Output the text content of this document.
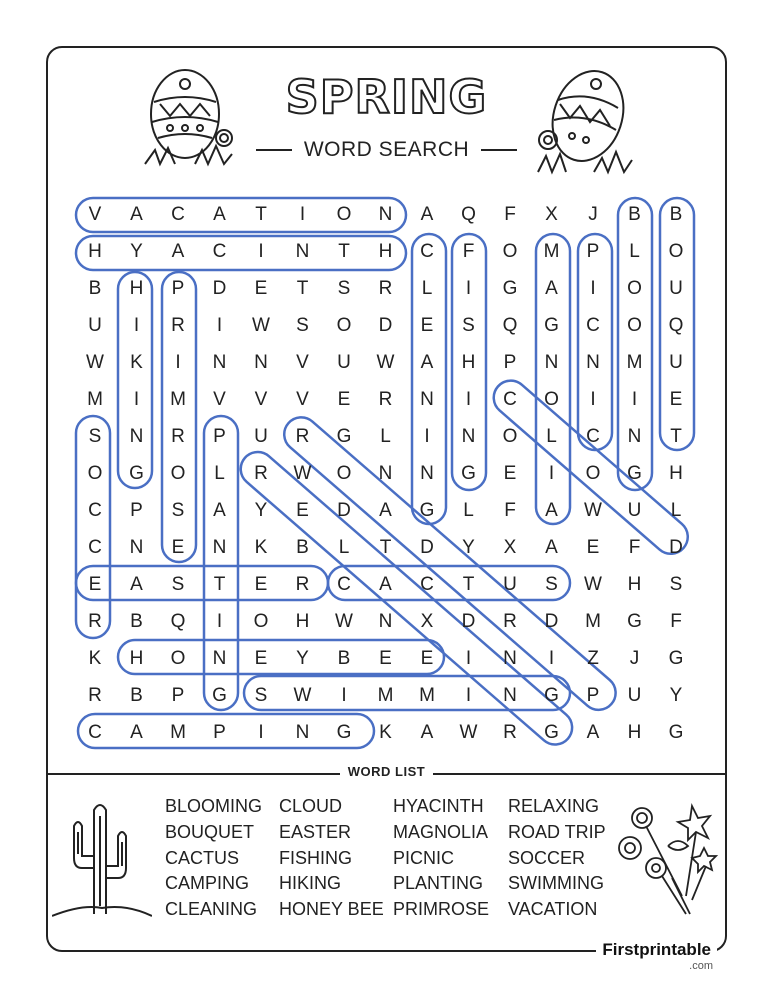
SPRING
WORD SEARCH
V	A	C	A	T	I	O	N	A	Q	F	X	J	B	B
H	Y	A	C	I	N	T	H	C	F	O	M	P	L	O
B	H	P	D	E	T	S	R	L	I	G	A	I	O	U
U	I	R	I	W	S	O	D	E	S	Q	G	C	O	Q
W	K	I	N	N	V	U	W	A	H	P	N	N	M	U
M	I	M	V	V	V	E	R	N	I	C	O	I	I	E
S	N	R	P	U	R	G	L	I	N	O	L	C	N	T
O	G	O	L	R	W	O	N	N	G	E	I	O	G	H
C	P	S	A	Y	E	D	A	G	L	F	A	W	U	L
C	N	E	N	K	B	L	T	D	Y	X	A	E	F	D
E	A	S	T	E	R	C	A	C	T	U	S	W	H	S
R	B	Q	I	O	H	W	N	X	D	R	D	M	G	F
K	H	O	N	E	Y	B	E	E	I	N	I	Z	J	G
R	B	P	G	S	W	I	M	M	I	N	G	P	U	Y
C	A	M	P	I	N	G	K	A	W	R	G	A	H	G
WORD LIST
BLOOMING
BOUQUET
CACTUS
CAMPING
CLEANING
CLOUD
EASTER
FISHING
HIKING
HONEY BEE
HYACINTH
MAGNOLIA
PICNIC
PLANTING
PRIMROSE
RELAXING
ROAD TRIP
SOCCER
SWIMMING
VACATION
Firstprintable
.com
